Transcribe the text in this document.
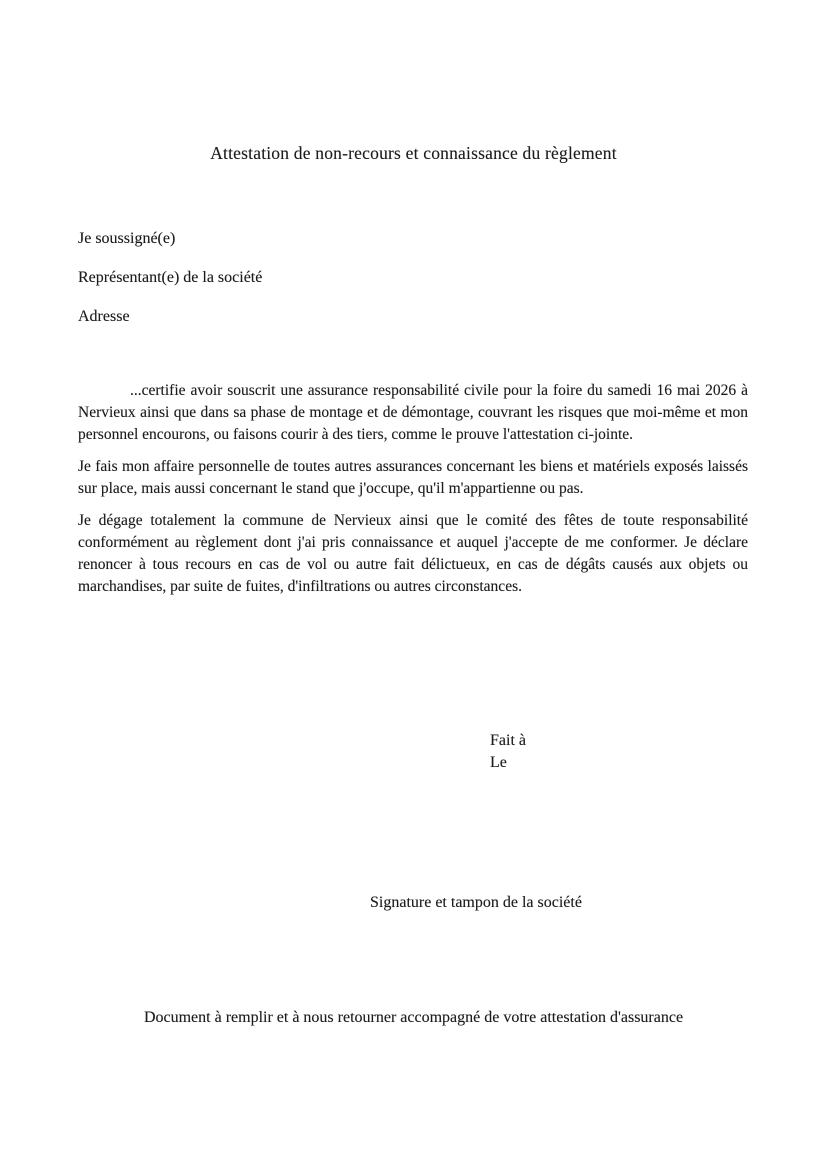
Attestation de non-recours et connaissance du règlement
Je soussigné(e)
Représentant(e) de la société
Adresse

...certifie avoir souscrit une assurance responsabilité civile pour la foire du samedi 16 mai 2026 à Nervieux ainsi que dans sa phase de montage et de démontage, couvrant les risques que moi-même et mon personnel encourons, ou faisons courir à des tiers, comme le prouve l'attestation ci-jointe.

Je fais mon affaire personnelle de toutes autres assurances concernant les biens et matériels exposés laissés sur place, mais aussi concernant le stand que j'occupe, qu'il m'appartienne ou pas.

Je dégage totalement la commune de Nervieux ainsi que le comité des fêtes de toute responsabilité conformément au règlement dont j'ai pris connaissance et auquel j'accepte de me conformer. Je déclare renoncer à tous recours en cas de vol ou autre fait délictueux, en cas de dégâts causés aux objets ou marchandises, par suite de fuites, d'infiltrations ou autres circonstances.

Fait à
Le
Signature et tampon de la société
Document à remplir et à nous retourner accompagné de votre attestation d'assurance
